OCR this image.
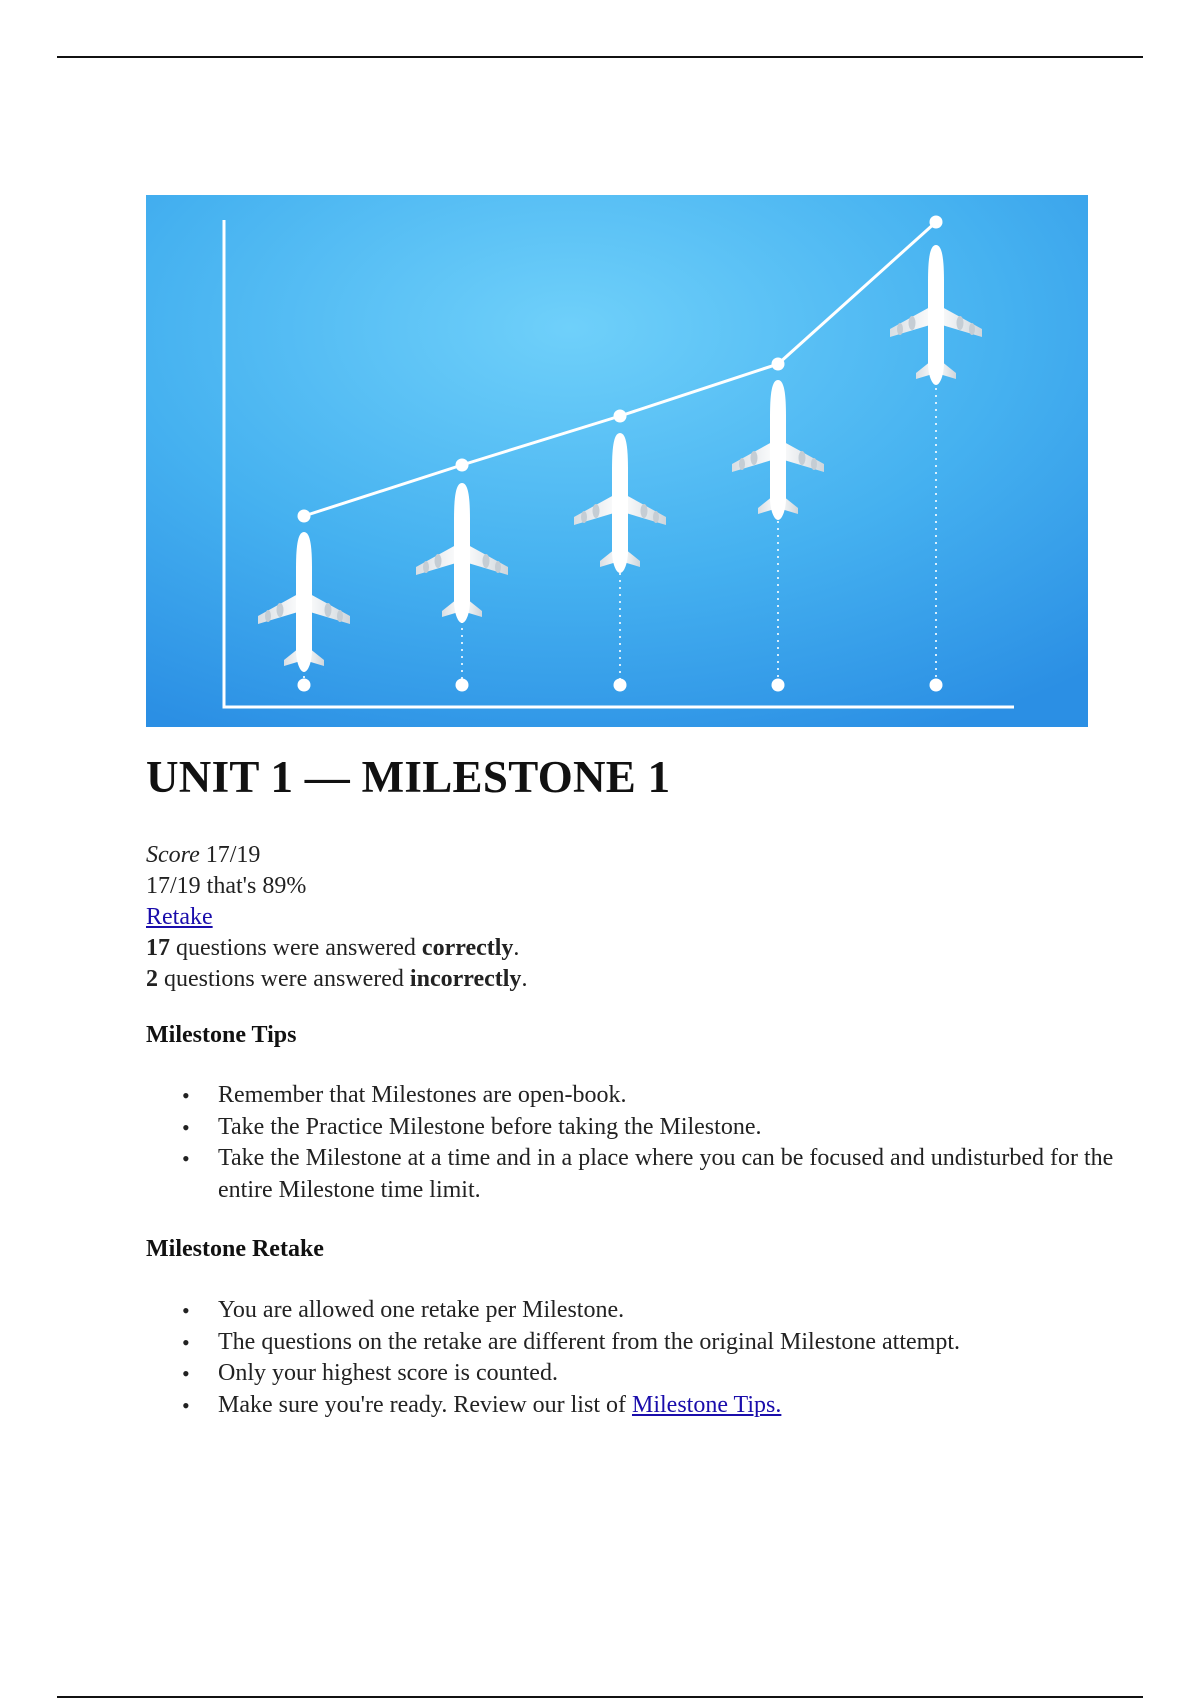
UNIT 1 — MILESTONE 1
Score 17/19
17/19 that's 89%
Retake
17 questions were answered correctly.
2 questions were answered incorrectly.
Milestone Tips
• Remember that Milestones are open-book.
• Take the Practice Milestone before taking the Milestone.
• Take the Milestone at a time and in a place where you can be focused and undisturbed for the entire Milestone time limit.
Milestone Retake
• You are allowed one retake per Milestone.
• The questions on the retake are different from the original Milestone attempt.
• Only your highest score is counted.
• Make sure you're ready. Review our list of Milestone Tips.
